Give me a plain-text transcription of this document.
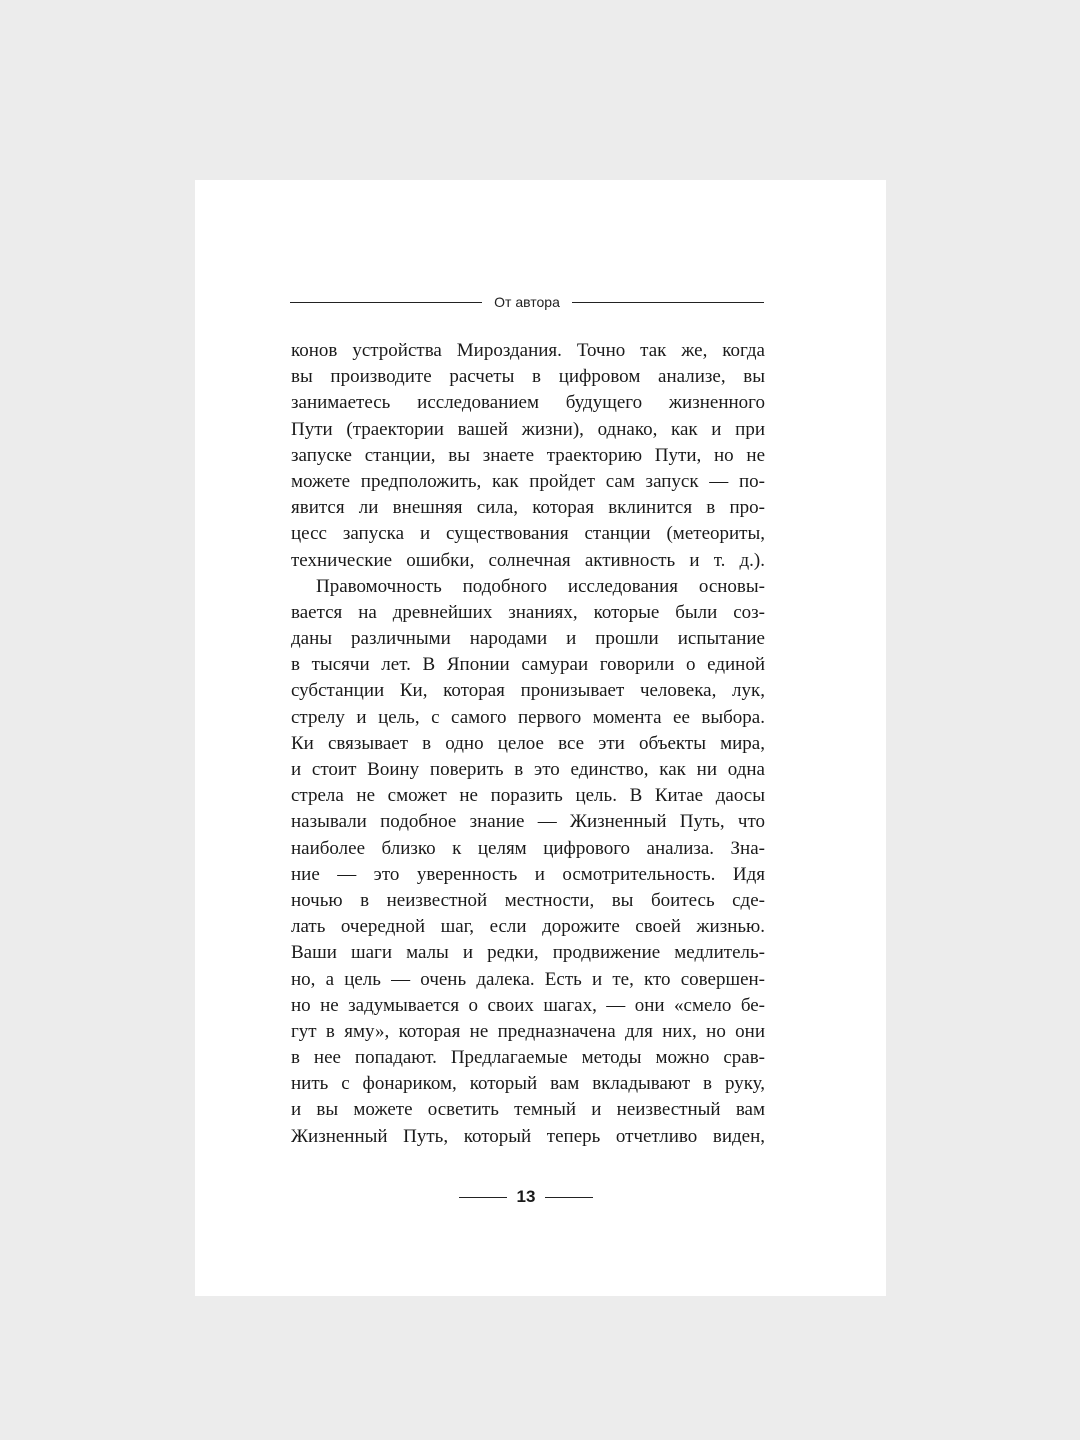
От автора
конов устройства Мироздания. Точно так же, когда
вы производите расчеты в цифровом анализе, вы
занимаетесь исследованием будущего жизненного
Пути (траектории вашей жизни), однако, как и при
запуске станции, вы знаете траекторию Пути, но не
можете предположить, как пройдет сам запуск — по-
явится ли внешняя сила, которая вклинится в про-
цесс запуска и существования станции (метеориты,
технические ошибки, солнечная активность и т. д.).
Правомочность подобного исследования основы-
вается на древнейших знаниях, которые были соз-
даны различными народами и прошли испытание
в тысячи лет. В Японии самураи говорили о единой
субстанции Ки, которая пронизывает человека, лук,
стрелу и цель, с самого первого момента ее выбора.
Ки связывает в одно целое все эти объекты мира,
и стоит Воину поверить в это единство, как ни одна
стрела не сможет не поразить цель. В Китае даосы
называли подобное знание — Жизненный Путь, что
наиболее близко к целям цифрового анализа. Зна-
ние — это уверенность и осмотрительность. Идя
ночью в неизвестной местности, вы боитесь сде-
лать очередной шаг, если дорожите своей жизнью.
Ваши шаги малы и редки, продвижение медлитель-
но, а цель — очень далека. Есть и те, кто совершен-
но не задумывается о своих шагах, — они «смело бе-
гут в яму», которая не предназначена для них, но они
в нее попадают. Предлагаемые методы можно срав-
нить с фонариком, который вам вкладывают в руку,
и вы можете осветить темный и неизвестный вам
Жизненный Путь, который теперь отчетливо виден,
13
